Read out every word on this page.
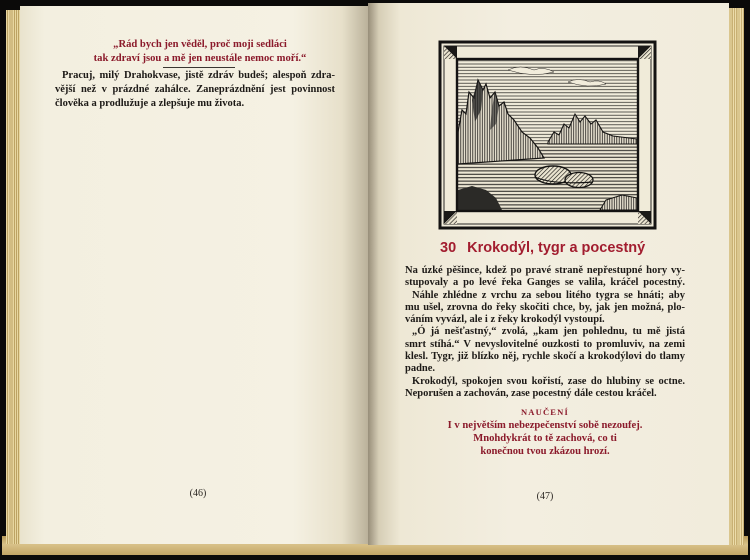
„Rád bych jen věděl, proč moji sedláci
tak zdraví jsou a mě jen neustále nemoc moří.“
Pracuj, milý Drahokvase, jistě zdráv budeš; alespoň zdra-
vější než v prázdné zahálce. Zaneprázdnění jest povinnost
člověka a prodlužuje a zlepšuje mu života.
(46)
30 Krokodýl, tygr a pocestný
Na úzké pěšince, kdež po pravé straně nepřestupné hory vy-
stupovaly a po levé řeka Ganges se valila, kráčel pocestný.
Náhle zhlédne z vrchu za sebou litého tygra se hnáti; aby
mu ušel, zrovna do řeky skočiti chce, by, jak jen možná, plo-
váním vyvázl, ale i z řeky krokodýl vystoupí.
„Ó já nešťastný,“ zvolá, „kam jen pohlednu, tu mě jistá
smrt stíhá.“ V nevyslovitelné ouzkosti to promluviv, na zemi
klesl. Tygr, již blízko něj, rychle skočí a krokodýlovi do tlamy
padne.
Krokodýl, spokojen svou kořistí, zase do hlubiny se octne.
Neporušen a zachován, zase pocestný dále cestou kráčel.
NAUČENÍ
I v největším nebezpečenství sobě nezoufej.
Mnohdykrát to tě zachová, co ti
konečnou tvou zkázou hrozí.
(47)
